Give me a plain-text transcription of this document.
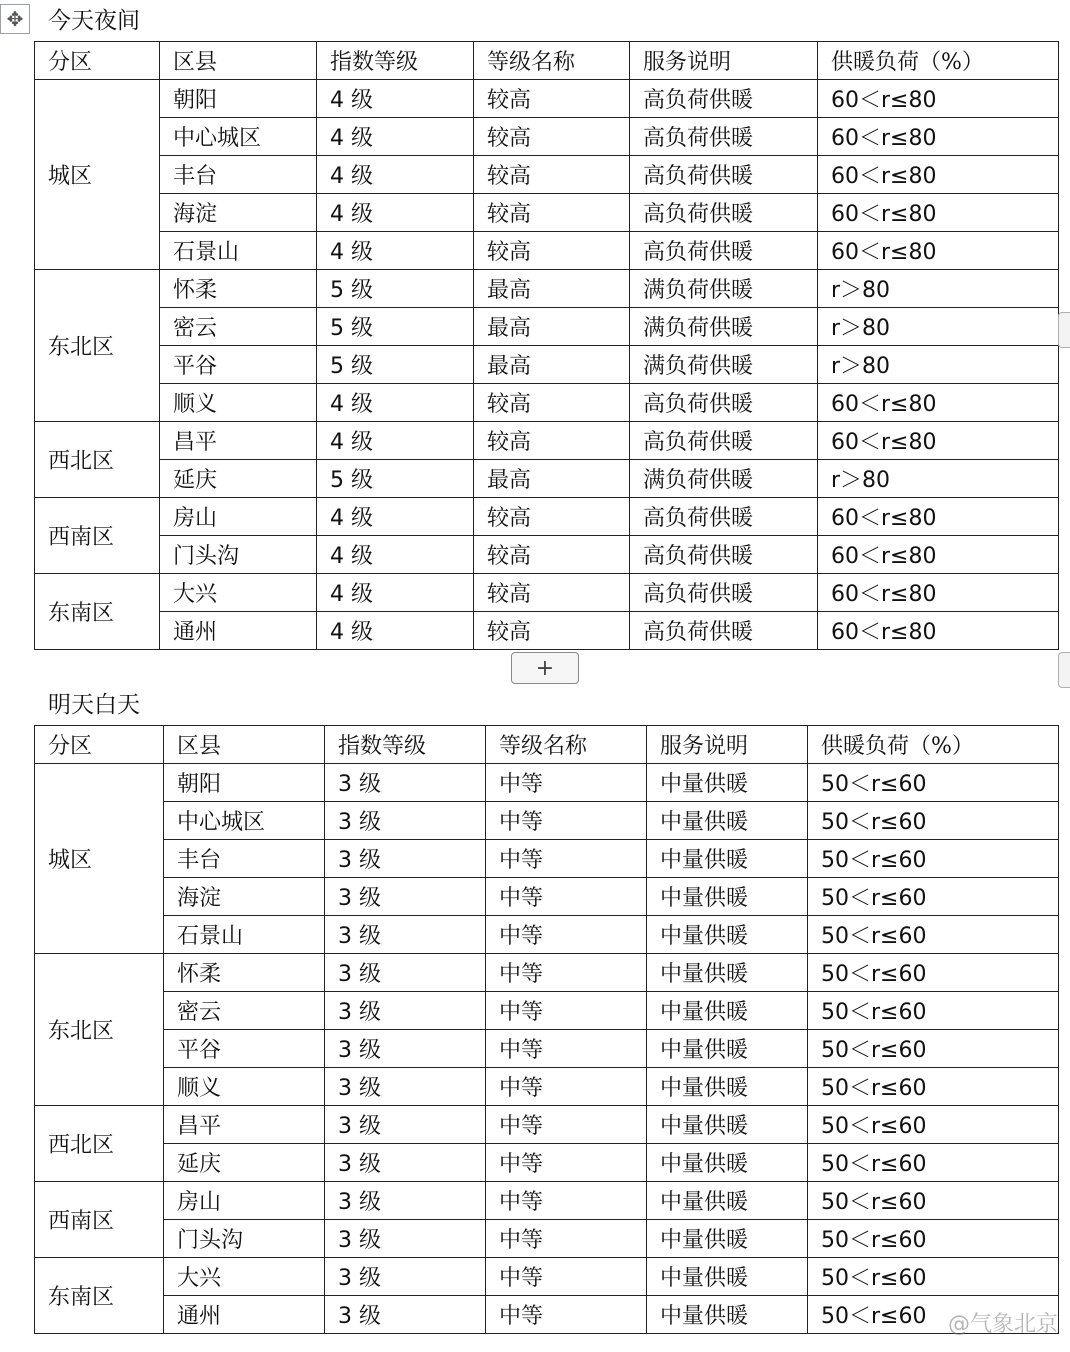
✥ 今天夜间
分区	区县	指数等级	等级名称	服务说明	供暖负荷（%）
城区	朝阳	4 级	较高	高负荷供暖	60＜r≤80
	中心城区	4 级	较高	高负荷供暖	60＜r≤80
	丰台	4 级	较高	高负荷供暖	60＜r≤80
	海淀	4 级	较高	高负荷供暖	60＜r≤80
	石景山	4 级	较高	高负荷供暖	60＜r≤80
东北区	怀柔	5 级	最高	满负荷供暖	r＞80
	密云	5 级	最高	满负荷供暖	r＞80
	平谷	5 级	最高	满负荷供暖	r＞80
	顺义	4 级	较高	高负荷供暖	60＜r≤80
西北区	昌平	4 级	较高	高负荷供暖	60＜r≤80
	延庆	5 级	最高	满负荷供暖	r＞80
西南区	房山	4 级	较高	高负荷供暖	60＜r≤80
	门头沟	4 级	较高	高负荷供暖	60＜r≤80
东南区	大兴	4 级	较高	高负荷供暖	60＜r≤80
	通州	4 级	较高	高负荷供暖	60＜r≤80
+
明天白天
分区	区县	指数等级	等级名称	服务说明	供暖负荷（%）
城区	朝阳	3 级	中等	中量供暖	50＜r≤60
	中心城区	3 级	中等	中量供暖	50＜r≤60
	丰台	3 级	中等	中量供暖	50＜r≤60
	海淀	3 级	中等	中量供暖	50＜r≤60
	石景山	3 级	中等	中量供暖	50＜r≤60
东北区	怀柔	3 级	中等	中量供暖	50＜r≤60
	密云	3 级	中等	中量供暖	50＜r≤60
	平谷	3 级	中等	中量供暖	50＜r≤60
	顺义	3 级	中等	中量供暖	50＜r≤60
西北区	昌平	3 级	中等	中量供暖	50＜r≤60
	延庆	3 级	中等	中量供暖	50＜r≤60
西南区	房山	3 级	中等	中量供暖	50＜r≤60
	门头沟	3 级	中等	中量供暖	50＜r≤60
东南区	大兴	3 级	中等	中量供暖	50＜r≤60
	通州	3 级	中等	中量供暖	50＜r≤60 @气象北京
